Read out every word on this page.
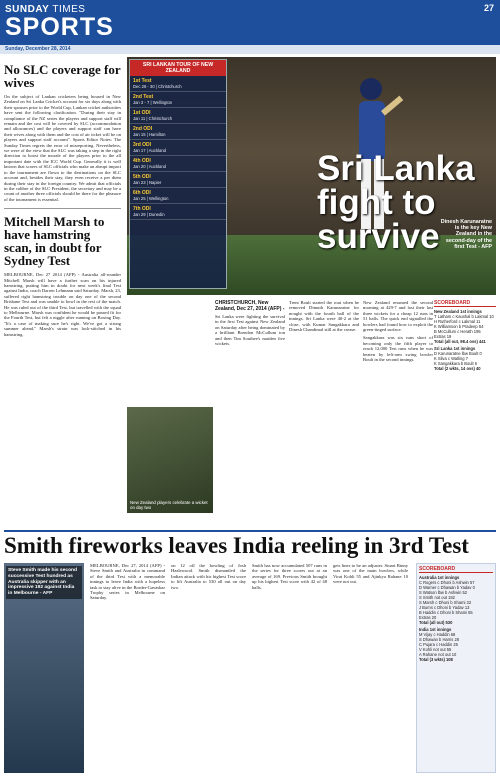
SUNDAY TIMES
SPORTS
27
Sunday, December 28, 2014
No SLC coverage for wives

On the subject of Lankan cricketers being housed in New Zealand on Sri Lanka Cricket's account for six days along with their spouses prior to the World Cup, Lankan cricket authorities have sent the following clarification. "During their stay in compliance of the NZ series the players and support staff will remain and the cost will be covered by SLC (accommodation and allowances) and the players and support staff can have their wives along with them and the cost of air ticket will be on players and support staff account". Sports Editor Notes: The Sunday Times regrets the error of misreporting. Nevertheless, we were of the view that the SLC was taking a step in the right direction to boost the morale of the players prior to the all important date with the ICC World Cup. Generally it is well known that scores of SLC officials who make an abrupt impact to the tournament are flown to the destinations on the SLC account and, besides their stay, they even receive a per diem during their stay in the foreign country. We admit that officials in the calibre of the SLC President, the secretary and may be a count of another three officials should be there for the pleasure of the tournament is essential.

Mitchell Marsh to have hamstring scan, in doubt for Sydney Test

MELBOURNE, Dec 27 2014 (AFP) - Australia all-rounder Mitchell Marsh will have a further scan on his injured hamstring, putting him in doubt for next week's final Test against India, coach Darren Lehmann said Saturday. Marsh, 23, suffered right hamstring trouble on day one of the second Brisbane Test and was unable to bowl in the rest of the match. He was ruled out of the third Test, but travelled with the squad to Melbourne. Marsh was confident he would be passed fit for the Fourth Test, but felt a niggle after running on Boxing Day. "It's a case of making sure he's right. We've got a strong summer ahead," Marsh's strain was lock-stitched in his hamstring.

Sri Lanka fight to survive Dinesh Karunaratne is the key New Zealand in the second-day of the first Test - AFP
SRI LANKAN TOUR OF NEW ZEALAND
1st Test
Dec 26 - 30 | Christchurch
2nd Test
Jan 3 - 7 | Wellington
1st ODI
Jan 11 | Christchurch
2nd ODI
Jan 15 | Hamilton
3rd ODI
Jan 17 | Auckland
4th ODI
Jan 20 | Auckland
5th ODI
Jan 23 | Napier
6th ODI
Jan 25 | Wellington
7th ODI
Jan 29 | Dunedin
CHRISTCHURCH, New Zealand, Dec 27, 2014 (AFP) -

Sri Lanka were fighting the survival in the first Test against New Zealand on Saturday after being dominated by a brilliant Brendon McCullum ton and then Tim Southee's maiden five wickets.

Trent Boult started the rout when he removed Dimuth Karunaratne for nought with the fourth ball of the innings. Sri Lanka were 40-2 at the close, with Kumar Sangakkara and Dinesh Chandimal still at the crease.

New Zealand resumed the second morning at 429-7 and lost their last three wickets for a cheap 12 runs in 51 balls. The quick end signalled the bowlers had found how to exploit the green-tinged surface.

Sangakkara was six runs short of becoming only the fifth player to reach 12,000 Test runs when he was beaten by left-arm swing bowler Boult in the second innings.

New Zealand players celebrate a wicket on day two
SCOREBOARD
New Zealand 1st innings
T Latham c Kaushal b Lakmal 10
H Rutherford c Lakmal 11
K Williamson b Pradeep 54
B McCullum c Herath 195
Extras 19
Total (all out, 98.4 ovs) 441
Sri Lanka 1st innings
D Karunaratne lbw Boult 0
K Silva c Watling 7
K Sangakkara b Boult 6
Total (2 wkts, 14 ovs) 40
Smith fireworks leaves India reeling in 3rd Test
Steve Smith made his second successive Test hundred as Australia skipper with an impressive 192 against India in Melbourne - AFP

MELBOURNE, Dec 27, 2014 (AFP) - Steve Smith and Australia in command of the third Test with a memorable innings to leave India with a hopeless task to stay alive in the Border-Gavaskar Trophy series in Melbourne on Saturday.

on 12 off the bowling of Josh Hazlewood. Smith dismantled the Indian attack with his highest Test score to lift Australia to 530 all out on day two.

Smith has now accumulated 507 runs in the series for three scores out at an average of 169. Previous Smith brought up his highest Test score with 42 of 48 balls.

gets lines to be an adjuster. Stuart Binny was one of the main bowlers, while Virat Kohli 55 and Ajinkya Rahane 10 were not out.

SCOREBOARD
Australia 1st innings
C Rogers c Dhoni b Ashwin 57
D Warner c Dhawan b Yadav 0
S Watson lbw b Ashwin 52
S Smith not out 192
S Marsh c Dhoni b Shami 32
J Burns c Dhoni b Yadav 13
B Haddin c Dhoni b Shami 55
Extras 20
Total (all out) 530
India 1st innings
M Vijay c Haddin 68
S Dhawan b Harris 28
C Pujara c Haddin 25
V Kohli not out 55
A Rahane not out 10
Total (3 wkts) 108
